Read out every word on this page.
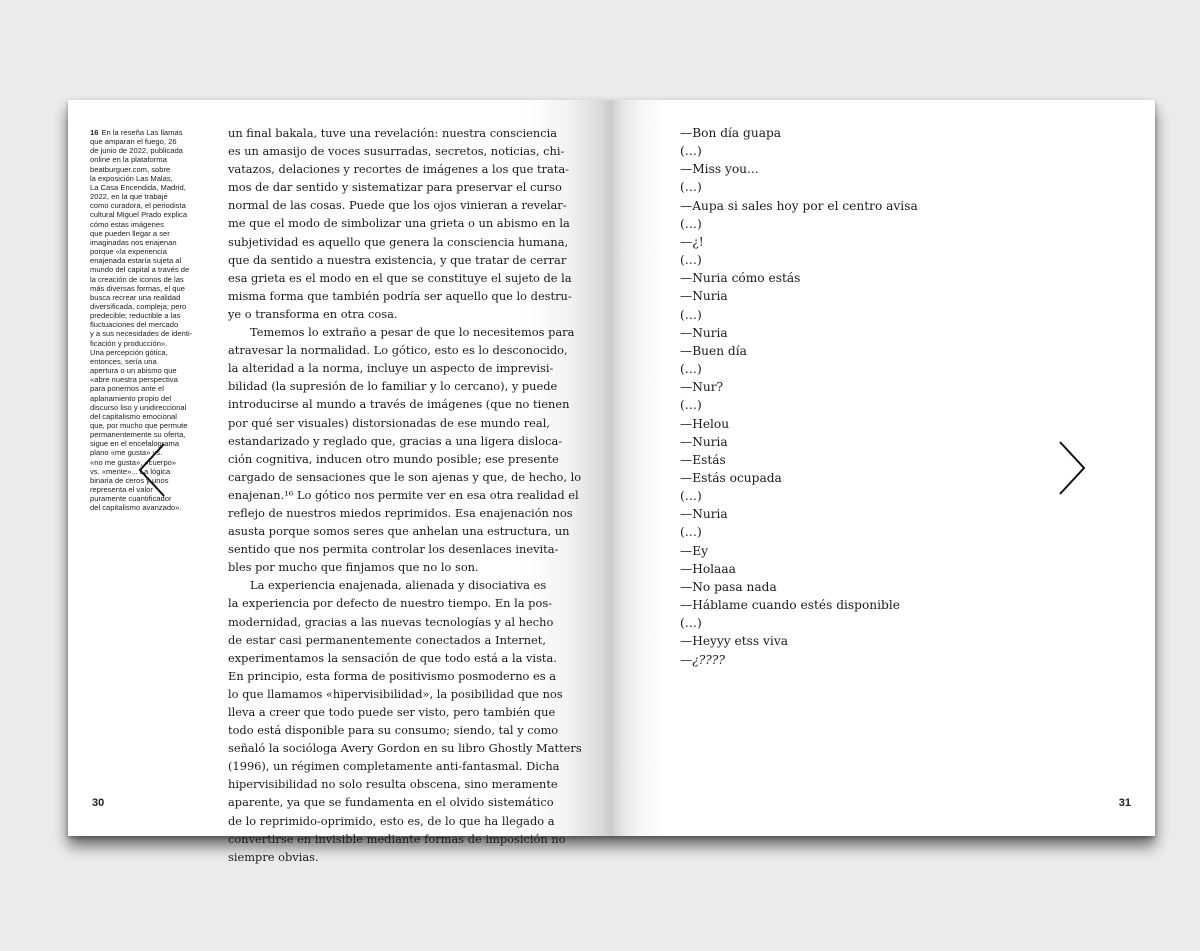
16 En la reseña Las llamas
que amparan el fuego, 26
de junio de 2022, publicada
online en la plataforma
beatburguer.com, sobre
la exposición Las Malas,
La Casa Encendida, Madrid,
2022, en la que trabajé
como curadora, el periodista
cultural Miguel Prado explica
cómo estas imágenes
que pueden llegar a ser
imaginadas nos enajenan
porque «la experiencia
enajenada estaría sujeta al
mundo del capital a través de
la creación de iconos de las
más diversas formas, el que
busca recrear una realidad
diversificada, compleja; pero
predecible; reductible a las
fluctuaciones del mercado
y a sus necesidades de identi-
ficación y producción».
Una percepción gótica,
entonces, sería una
apertura o un abismo que
«abre nuestra perspectiva
para ponernos ante el
aplanamiento propio del
discurso liso y unidireccional
del capitalismo emocional
que, por mucho que permute
permanentemente su oferta,
sigue en el encefalograma
plano «me gusta» vs.
«no me gusta», «cuerpo»
vs. «mente»... La lógica
binaria de ceros y unos
representa el valor
puramente cuantificador
del capitalismo avanzado».

un final bakala, tuve una revelación: nuestra consciencia
es un amasijo de voces susurradas, secretos, noticias, chi-
vatazos, delaciones y recortes de imágenes a los que trata-
mos de dar sentido y sistematizar para preservar el curso
normal de las cosas. Puede que los ojos vinieran a revelar-
me que el modo de simbolizar una grieta o un abismo en la
subjetividad es aquello que genera la consciencia humana,
que da sentido a nuestra existencia, y que tratar de cerrar
esa grieta es el modo en el que se constituye el sujeto de la
misma forma que también podría ser aquello que lo destru-
ye o transforma en otra cosa.

Tememos lo extraño a pesar de que lo necesitemos para
atravesar la normalidad. Lo gótico, esto es lo desconocido,
la alteridad a la norma, incluye un aspecto de imprevisi-
bilidad (la supresión de lo familiar y lo cercano), y puede
introducirse al mundo a través de imágenes (que no tienen
por qué ser visuales) distorsionadas de ese mundo real,
estandarizado y reglado que, gracias a una ligera disloca-
ción cognitiva, inducen otro mundo posible; ese presente
cargado de sensaciones que le son ajenas y que, de hecho, lo
enajenan.¹⁶ Lo gótico nos permite ver en esa otra realidad el
reflejo de nuestros miedos reprimidos. Esa enajenación nos
asusta porque somos seres que anhelan una estructura, un
sentido que nos permita controlar los desenlaces inevita-
bles por mucho que finjamos que no lo son.

La experiencia enajenada, alienada y disociativa es
la experiencia por defecto de nuestro tiempo. En la pos-
modernidad, gracias a las nuevas tecnologías y al hecho
de estar casi permanentemente conectados a Internet,
experimentamos la sensación de que todo está a la vista.
En principio, esta forma de positivismo posmoderno es a
lo que llamamos «hipervisibilidad», la posibilidad que nos
lleva a creer que todo puede ser visto, pero también que
todo está disponible para su consumo; siendo, tal y como
señaló la socióloga Avery Gordon en su libro Ghostly Matters
(1996), un régimen completamente anti-fantasmal. Dicha
hipervisibilidad no solo resulta obscena, sino meramente
aparente, ya que se fundamenta en el olvido sistemático
de lo reprimido-oprimido, esto es, de lo que ha llegado a
convertirse en invisible mediante formas de imposición no
siempre obvias.

30
—Bon día guapa
(…)
—Miss you...
(…)
—Aupa si sales hoy por el centro avisa
(…)
—¿!
(…)
—Nuria cómo estás
—Nuria
(…)
—Nuria
—Buen día
(…)
—Nur?
(…)
—Helou
—Nuria
—Estás
—Estás ocupada
(…)
—Nuria
(…)
—Ey
—Holaaa
—No pasa nada
—Háblame cuando estés disponible
(…)
—Heyyy etss viva
—¿????
31
